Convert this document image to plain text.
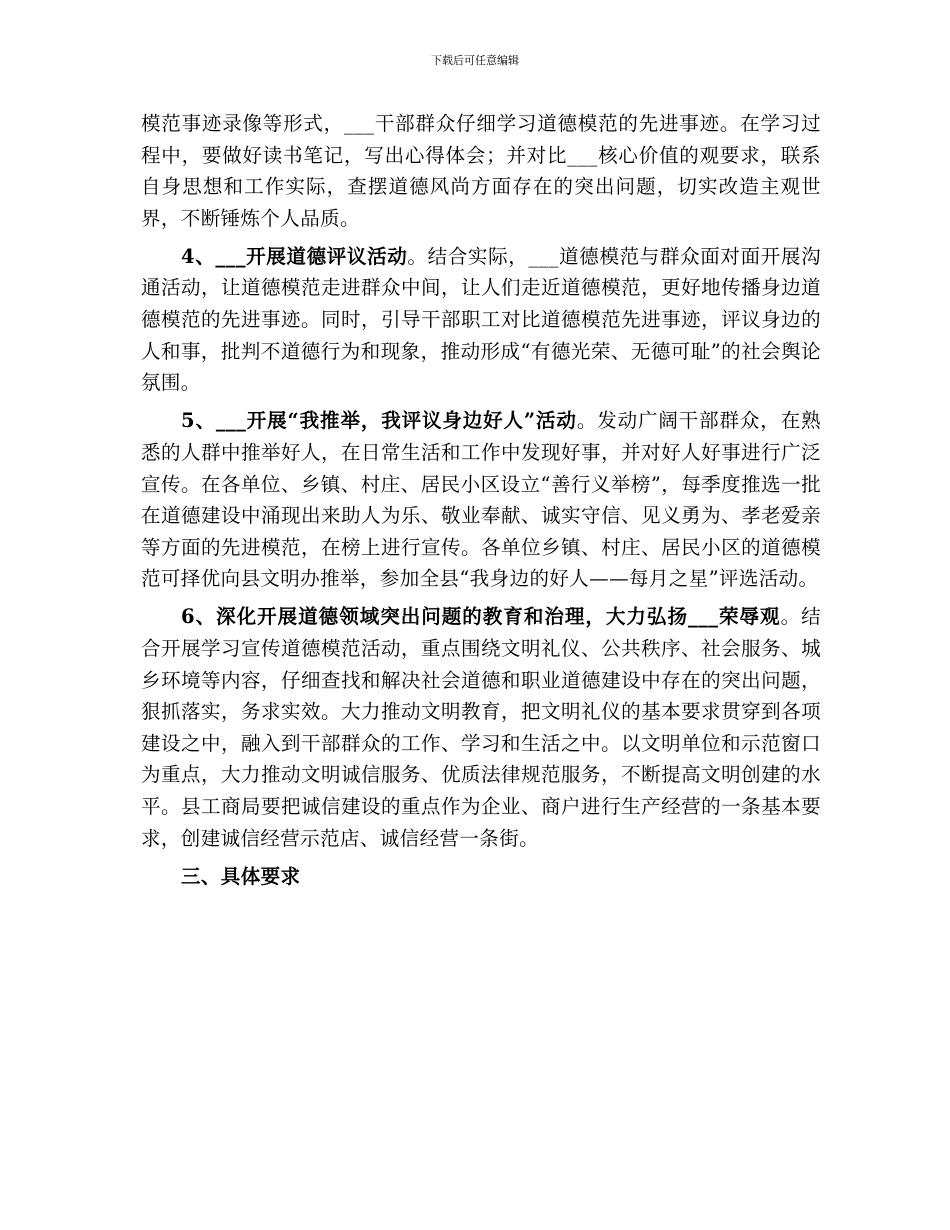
下载后可任意编辑

模范事迹录像等形式，___干部群众仔细学习道德模范的先进事迹。在学习过程中，要做好读书笔记，写出心得体会；并对比___核心价值的观要求，联系自身思想和工作实际，查摆道德风尚方面存在的突出问题，切实改造主观世界，不断锤炼个人品质。

4、___开展道德评议活动。结合实际，___道德模范与群众面对面开展沟通活动，让道德模范走进群众中间，让人们走近道德模范，更好地传播身边道德模范的先进事迹。同时，引导干部职工对比道德模范先进事迹，评议身边的人和事，批判不道德行为和现象，推动形成“有德光荣、无德可耻”的社会舆论氛围。

5、___开展“我推举，我评议身边好人”活动。发动广阔干部群众，在熟悉的人群中推举好人，在日常生活和工作中发现好事，并对好人好事进行广泛宣传。在各单位、乡镇、村庄、居民小区设立“善行义举榜”，每季度推选一批在道德建设中涌现出来助人为乐、敬业奉献、诚实守信、见义勇为、孝老爱亲等方面的先进模范，在榜上进行宣传。各单位乡镇、村庄、居民小区的道德模范可择优向县文明办推举，参加全县“我身边的好人——每月之星”评选活动。

6、深化开展道德领域突出问题的教育和治理，大力弘扬___荣辱观。结合开展学习宣传道德模范活动，重点围绕文明礼仪、公共秩序、社会服务、城乡环境等内容，仔细查找和解决社会道德和职业道德建设中存在的突出问题，狠抓落实，务求实效。大力推动文明教育，把文明礼仪的基本要求贯穿到各项建设之中，融入到干部群众的工作、学习和生活之中。以文明单位和示范窗口为重点，大力推动文明诚信服务、优质法律规范服务，不断提高文明创建的水平。县工商局要把诚信建设的重点作为企业、商户进行生产经营的一条基本要求，创建诚信经营示范店、诚信经营一条街。

三、具体要求
